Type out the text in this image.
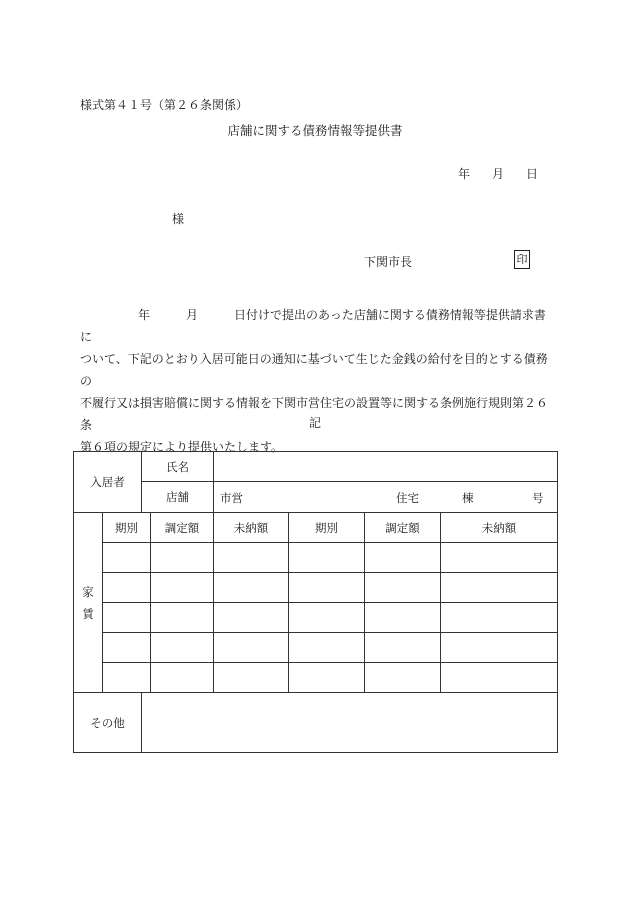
様式第４１号（第２６条関係）
店舗に関する債務情報等提供書
年 月 日
様
下関市長	印
年	月	日付けで提出のあった店舗に関する債務情報等提供請求書に
ついて、下記のとおり入居可能日の通知に基づいて生じた金銭の給付を目的とする債務の
不履行又は損害賠償に関する情報を下関市営住宅の設置等に関する条例施行規則第２６条
第６項の規定により提供いたします。
記
入居者		氏名					
		店舗		市営 住宅 棟 号			

家
賃	期別		調定額	未納額	期別	調定額	未納額

その他							
